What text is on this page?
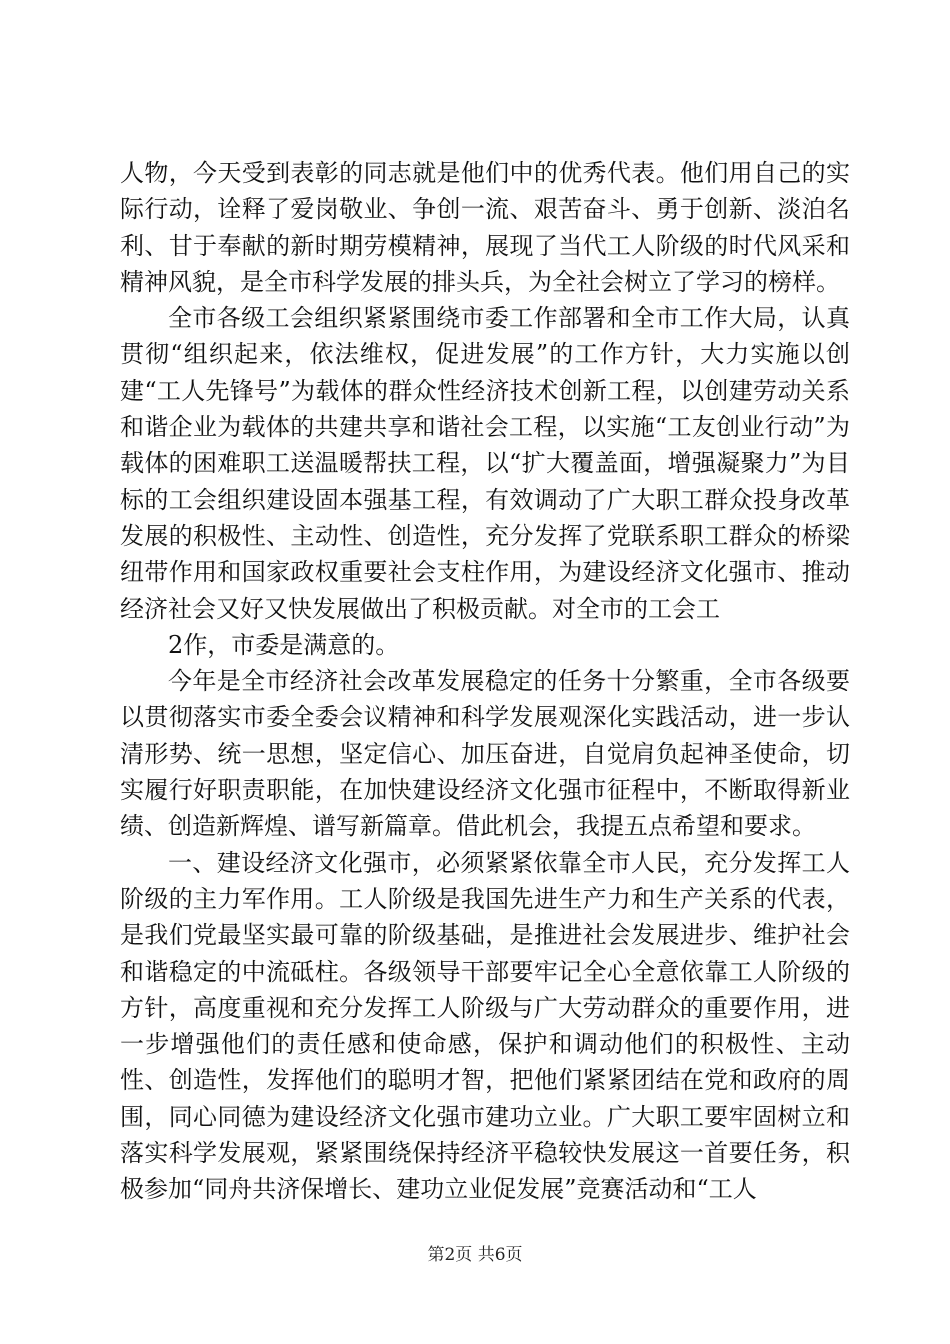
人物，今天受到表彰的同志就是他们中的优秀代表。他们用自己的实际行动，诠释了爱岗敬业、争创一流、艰苦奋斗、勇于创新、淡泊名利、甘于奉献的新时期劳模精神，展现了当代工人阶级的时代风采和精神风貌，是全市科学发展的排头兵，为全社会树立了学习的榜样。

全市各级工会组织紧紧围绕市委工作部署和全市工作大局，认真贯彻“组织起来，依法维权，促进发展”的工作方针，大力实施以创建“工人先锋号”为载体的群众性经济技术创新工程，以创建劳动关系和谐企业为载体的共建共享和谐社会工程，以实施“工友创业行动”为载体的困难职工送温暖帮扶工程，以“扩大覆盖面，增强凝聚力”为目标的工会组织建设固本强基工程，有效调动了广大职工群众投身改革发展的积极性、主动性、创造性，充分发挥了党联系职工群众的桥梁纽带作用和国家政权重要社会支柱作用，为建设经济文化强市、推动经济社会又好又快发展做出了积极贡献。对全市的工会工

2作，市委是满意的。

今年是全市经济社会改革发展稳定的任务十分繁重，全市各级要以贯彻落实市委全委会议精神和科学发展观深化实践活动，进一步认清形势、统一思想，坚定信心、加压奋进，自觉肩负起神圣使命，切实履行好职责职能，在加快建设经济文化强市征程中，不断取得新业绩、创造新辉煌、谱写新篇章。借此机会，我提五点希望和要求。

一、建设经济文化强市，必须紧紧依靠全市人民，充分发挥工人阶级的主力军作用。工人阶级是我国先进生产力和生产关系的代表，是我们党最坚实最可靠的阶级基础，是推进社会发展进步、维护社会和谐稳定的中流砥柱。各级领导干部要牢记全心全意依靠工人阶级的方针，高度重视和充分发挥工人阶级与广大劳动群众的重要作用，进一步增强他们的责任感和使命感，保护和调动他们的积极性、主动性、创造性，发挥他们的聪明才智，把他们紧紧团结在党和政府的周围，同心同德为建设经济文化强市建功立业。广大职工要牢固树立和落实科学发展观，紧紧围绕保持经济平稳较快发展这一首要任务，积极参加“同舟共济保增长、建功立业促发展”竞赛活动和“工人

第2页 共6页
